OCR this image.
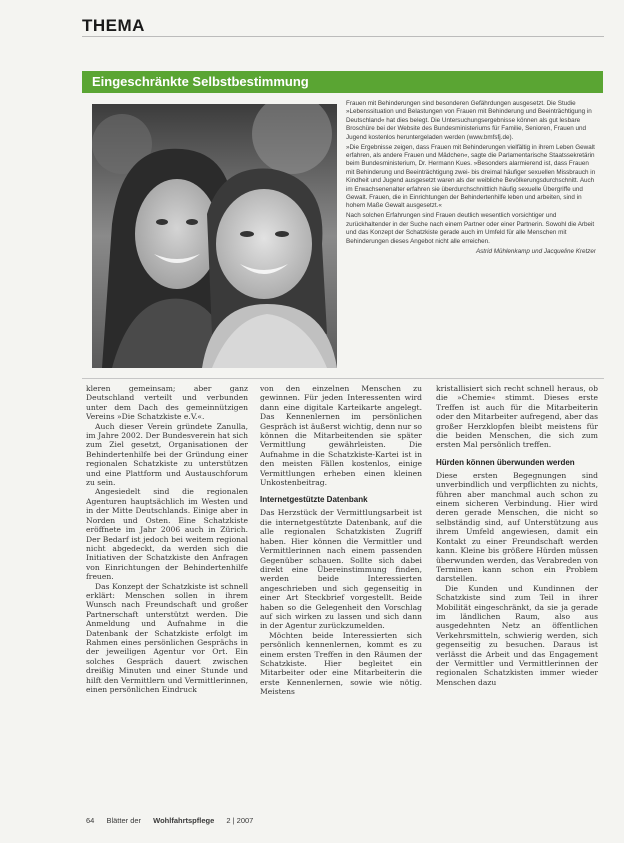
THEMA
Eingeschränkte Selbstbestimmung

Frauen mit Behinderungen sind besonderen Gefährdungen ausgesetzt. Die Studie »Lebenssituation und Belastungen von Frauen mit Behinderung und Beeinträchtigung in Deutschland« hat dies belegt. Die Untersuchungsergebnisse können als gut lesbare Broschüre bei der Website des Bundesministeriums für Familie, Senioren, Frauen und Jugend kostenlos heruntergeladen werden (www.bmfsfj.de).

»Die Ergebnisse zeigen, dass Frauen mit Behinderungen vielfältig in ihrem Leben Gewalt erfahren, als andere Frauen und Mädchen«, sagte die Parlamentarische Staatssekretärin beim Bundesministerium, Dr. Hermann Kues. »Besonders alarmierend ist, dass Frauen mit Behinderung und Beeinträchtigung zwei- bis dreimal häufiger sexuellen Missbrauch in Kindheit und Jugend ausgesetzt waren als der weibliche Bevölkerungsdurchschnitt. Auch im Erwachsenenalter erfahren sie überdurchschnittlich häufig sexuelle Übergriffe und Gewalt. Frauen, die in Einrichtungen der Behindertenhilfe leben und arbeiten, sind in hohem Maße Gewalt ausgesetzt.«

Nach solchen Erfahrungen sind Frauen deutlich wesentlich vorsichtiger und zurückhaltender in der Suche nach einem Partner oder einer Partnerin. Sowohl die Arbeit und das Konzept der Schatzkiste gerade auch im Umfeld für alle Menschen mit Behinderungen dieses Angebot nicht alle erreichen.

Astrid Mühlenkamp und Jacqueline Kretzer

kleren gemeinsam; aber ganz Deutschland verteilt und verbunden unter dem Dach des gemeinnützigen Vereins »Die Schatzkiste e.V.«.

Auch dieser Verein gründete Zanulla, im Jahre 2002. Der Bundesverein hat sich zum Ziel gesetzt, Organisationen der Behindertenhilfe bei der Gründung einer regionalen Schatzkiste zu unterstützen und eine Plattform und Austauschforum zu sein.

Angesiedelt sind die regionalen Agenturen hauptsächlich im Westen und in der Mitte Deutschlands. Einige aber in Norden und Osten. Eine Schatzkiste eröffnete im Jahr 2006 auch in Zürich. Der Bedarf ist jedoch bei weitem regional nicht abgedeckt, da werden sich die Initiativen der Schatzkiste den Anfragen von Einrichtungen der Behindertenhilfe freuen.

Das Konzept der Schatzkiste ist schnell erklärt: Menschen sollen in ihrem Wunsch nach Freundschaft und großer Partnerschaft unterstützt werden. Die Anmeldung und Aufnahme in die Datenbank der Schatzkiste erfolgt im Rahmen eines persönlichen Gesprächs in der jeweiligen Agentur vor Ort. Ein solches Gespräch dauert zwischen dreißig Minuten und einer Stunde und hilft den Vermittlern und Vermittlerinnen, einen persönlichen Eindruck

von den einzelnen Menschen zu gewinnen. Für jeden Interessenten wird dann eine digitale Karteikarte angelegt. Das Kennenlernen im persönlichen Gespräch ist äußerst wichtig, denn nur so können die Mitarbeitenden sie später Vermittlung gewährleisten. Die Aufnahme in die Schatzkiste-Kartei ist in den meisten Fällen kostenlos, einige Vermittlungen erheben einen kleinen Unkostenbeitrag.

Internetgestützte Datenbank

Das Herzstück der Vermittlungsarbeit ist die internetgestützte Datenbank, auf die alle regionalen Schatzkisten Zugriff haben. Hier können die Vermittler und Vermittlerinnen nach einem passenden Gegenüber schauen. Sollte sich dabei direkt eine Übereinstimmung finden, werden beide Interessierten angeschrieben und sich gegenseitig in einer Art Steckbrief vorgestellt. Beide haben so die Gelegenheit den Vorschlag auf sich wirken zu lassen und sich dann in der Agentur zurückzumelden.

Möchten beide Interessierten sich persönlich kennenlernen, kommt es zu einem ersten Treffen in den Räumen der Schatzkiste. Hier begleitet ein Mitarbeiter oder eine Mitarbeiterin die erste Kennenlernen, sowie wie nötig. Meistens

kristallisiert sich recht schnell heraus, ob die »Chemie« stimmt. Dieses erste Treffen ist auch für die Mitarbeiterin oder den Mitarbeiter aufregend, aber das großer Herzklopfen bleibt meistens für die beiden Menschen, die sich zum ersten Mal persönlich treffen.

Hürden können überwunden werden

Diese ersten Begegnungen sind unverbindlich und verpflichten zu nichts, führen aber manchmal auch schon zu einem sicheren Verbindung. Hier wird deren gerade Menschen, die nicht so selbständig sind, auf Unterstützung aus ihrem Umfeld angewiesen, damit ein Kontakt zu einer Freundschaft werden kann. Kleine bis größere Hürden müssen überwunden werden, das Verabreden von Terminen kann schon ein Problem darstellen.

Die Kunden und Kundinnen der Schatzkiste sind zum Teil in ihrer Mobilität eingeschränkt, da sie ja gerade im ländlichen Raum, also aus ausgedehnten Netz an öffentlichen Verkehrsmitteln, schwierig werden, sich gegenseitig zu besuchen. Daraus ist verlässt die Arbeit und das Engagement der Vermittler und Vermittlerinnen der regionalen Schatzkisten immer wieder Menschen dazu

64 Blätter der Wohlfahrtspflege 2 | 2007
